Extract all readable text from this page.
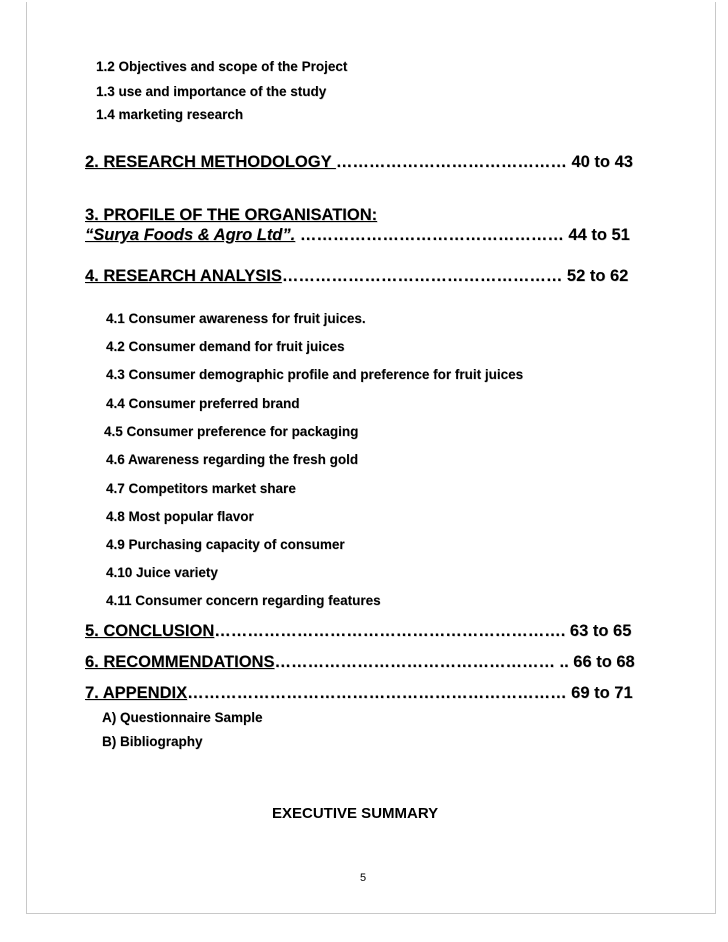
1.2 Objectives and scope of the Project
1.3 use and importance of the study
1.4 marketing research
2. RESEARCH METHODOLOGY …………………………………… 40 to 43
3. PROFILE OF THE ORGANISATION:
“Surya Foods & Agro Ltd”. ………………………………………… 44 to 51
4. RESEARCH ANALYSIS…………………………………………… 52 to 62
4.1 Consumer awareness for fruit juices.
4.2 Consumer demand for fruit juices
4.3 Consumer demographic profile and preference for fruit juices
4.4 Consumer preferred brand
4.5 Consumer preference for packaging
4.6 Awareness regarding the fresh gold
4.7 Competitors market share
4.8 Most popular flavor
4.9 Purchasing capacity of consumer
4.10 Juice variety
4.11 Consumer concern regarding features
5. CONCLUSION………………………………………………………. 63 to 65
6. RECOMMENDATIONS…………………………………………… .. 66 to 68
7. APPENDIX…………………………………………………………… 69 to 71
A) Questionnaire Sample
B) Bibliography
EXECUTIVE SUMMARY
5
